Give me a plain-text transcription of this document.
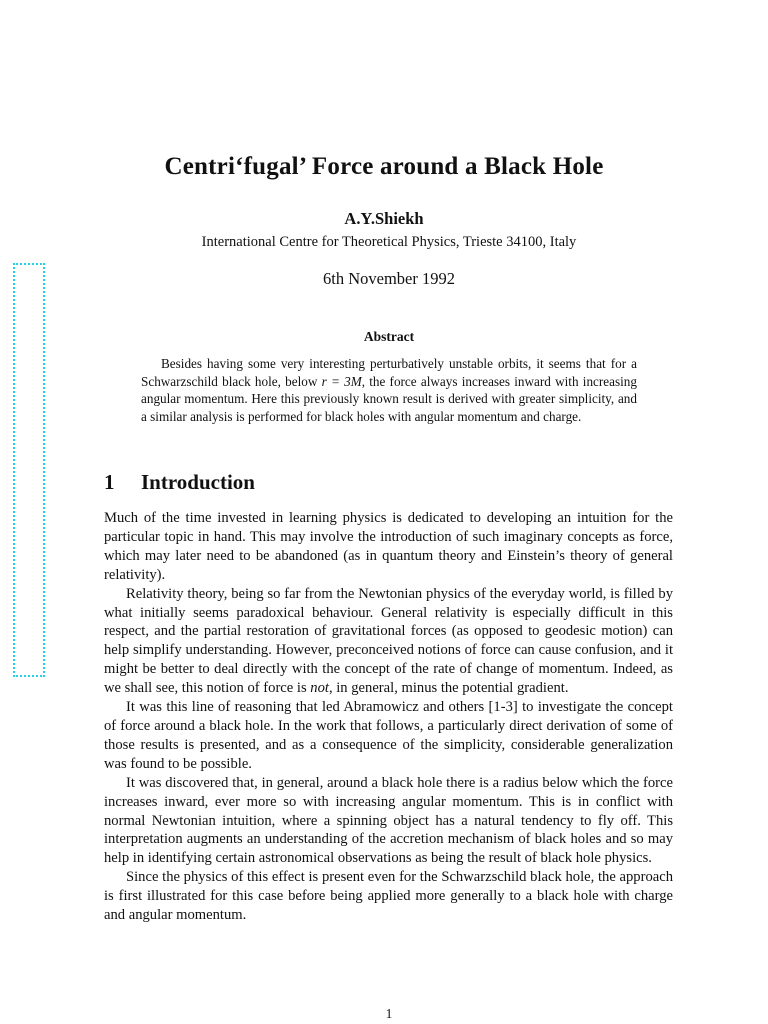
Centri‘fugal’ Force around a Black Hole
A.Y.Shiekh
International Centre for Theoretical Physics, Trieste 34100, Italy
6th November 1992
Abstract
Besides having some very interesting perturbatively unstable orbits, it seems that for a Schwarzschild black hole, below r = 3M, the force always increases inward with increasing angular momentum. Here this previously known result is derived with greater simplicity, and a similar analysis is performed for black holes with angular momentum and charge.
1 Introduction

Much of the time invested in learning physics is dedicated to developing an intuition for the particular topic in hand. This may involve the introduction of such imaginary concepts as force, which may later need to be abandoned (as in quantum theory and Einstein’s theory of general relativity).

Relativity theory, being so far from the Newtonian physics of the everyday world, is filled by what initially seems paradoxical behaviour. General relativity is especially difficult in this respect, and the partial restoration of gravitational forces (as opposed to geodesic motion) can help simplify understanding. However, preconceived notions of force can cause confusion, and it might be better to deal directly with the concept of the rate of change of momentum. Indeed, as we shall see, this notion of force is not, in general, minus the potential gradient.

It was this line of reasoning that led Abramowicz and others [1-3] to investigate the concept of force around a black hole. In the work that follows, a particularly direct derivation of some of those results is presented, and as a consequence of the simplicity, considerable generalization was found to be possible.

It was discovered that, in general, around a black hole there is a radius below which the force increases inward, ever more so with increasing angular momentum. This is in conflict with normal Newtonian intuition, where a spinning object has a natural tendency to fly off. This interpretation augments an understanding of the accretion mechanism of black holes and so may help in identifying certain astronomical observations as being the result of black hole physics.

Since the physics of this effect is present even for the Schwarzschild black hole, the approach is first illustrated for this case before being applied more generally to a black hole with charge and angular momentum.

1
